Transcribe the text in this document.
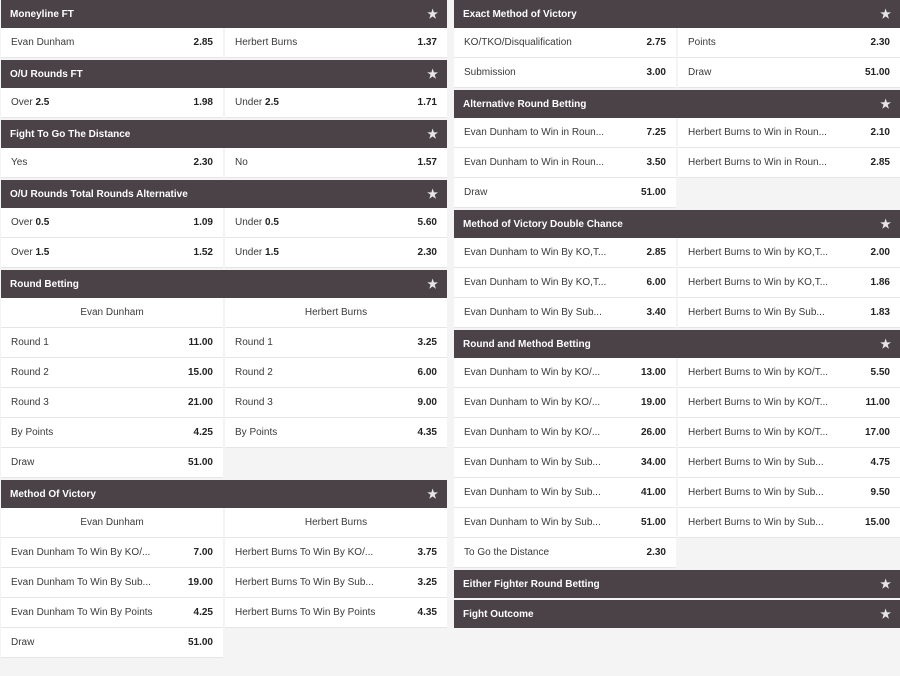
Moneyline FT	★
Evan Dunham	2.85 Herbert Burns	1.37
O/U Rounds FT	★
Over 2.5	1.98 Under 2.5	1.71
Fight To Go The Distance	★
Yes	2.30 No	1.57
O/U Rounds Total Rounds Alternative	★
Over 0.5	1.09 Under 0.5	5.60
Over 1.5	1.52 Under 1.5	2.30
Round Betting	★
Evan Dunham	Herbert Burns
Round 1	11.00 Round 1	3.25
Round 2	15.00 Round 2	6.00
Round 3	21.00 Round 3	9.00
By Points	4.25 By Points	4.35
Draw	51.00
Method Of Victory	★
Evan Dunham	Herbert Burns
Evan Dunham To Win By KO/...	7.00 Herbert Burns To Win By KO/...	3.75
Evan Dunham To Win By Sub...	19.00 Herbert Burns To Win By Sub...	3.25
Evan Dunham To Win By Points	4.25 Herbert Burns To Win By Points	4.35
Draw	51.00
Exact Method of Victory	★
KO/TKO/Disqualification	2.75 Points	2.30
Submission	3.00 Draw	51.00
Alternative Round Betting	★
Evan Dunham to Win in Roun...	7.25 Herbert Burns to Win in Roun...	2.10
Evan Dunham to Win in Roun...	3.50 Herbert Burns to Win in Roun...	2.85
Draw	51.00
Method of Victory Double Chance	★
Evan Dunham to Win By KO,T...	2.85 Herbert Burns to Win by KO,T...	2.00
Evan Dunham to Win By KO,T...	6.00 Herbert Burns to Win by KO,T...	1.86
Evan Dunham to Win By Sub...	3.40 Herbert Burns to Win By Sub...	1.83
Round and Method Betting	★
Evan Dunham to Win by KO/...	13.00 Herbert Burns to Win by KO/T...	5.50
Evan Dunham to Win by KO/...	19.00 Herbert Burns to Win by KO/T...	11.00
Evan Dunham to Win by KO/...	26.00 Herbert Burns to Win by KO/T...	17.00
Evan Dunham to Win by Sub...	34.00 Herbert Burns to Win by Sub...	4.75
Evan Dunham to Win by Sub...	41.00 Herbert Burns to Win by Sub...	9.50
Evan Dunham to Win by Sub...	51.00 Herbert Burns to Win by Sub...	15.00
To Go the Distance	2.30
Either Fighter Round Betting	★
Fight Outcome	★
